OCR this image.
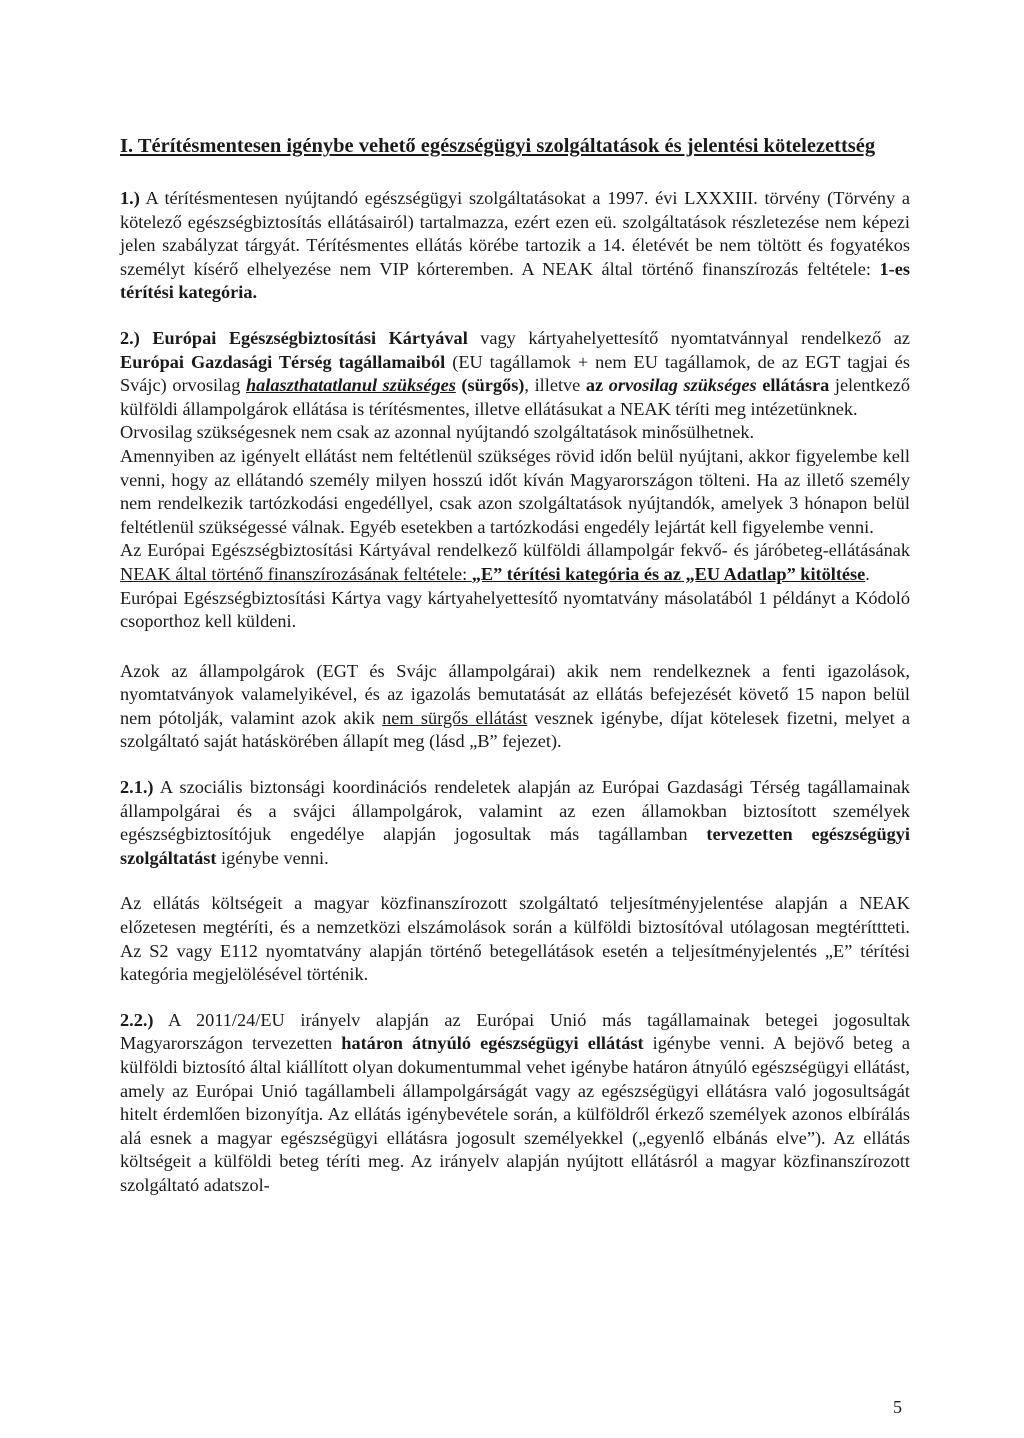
I. Térítésmentesen igénybe vehető egészségügyi szolgáltatások és jelentési kötelezettség

1.) A térítésmentesen nyújtandó egészségügyi szolgáltatásokat a 1997. évi LXXXIII. törvény (Törvény a kötelező egészségbiztosítás ellátásairól) tartalmazza, ezért ezen eü. szolgáltatások részletezése nem képezi jelen szabályzat tárgyát. Térítésmentes ellátás körébe tartozik a 14. életévét be nem töltött és fogyatékos személyt kísérő elhelyezése nem VIP kórteremben. A NEAK által történő finanszírozás feltétele: 1-es térítési kategória.

2.) Európai Egészségbiztosítási Kártyával vagy kártyahelyettesítő nyomtatvánnyal rendelkező az Európai Gazdasági Térség tagállamaiból (EU tagállamok + nem EU tagállamok, de az EGT tagjai és Svájc) orvosilag halaszthatatlanul szükséges (sürgős), illetve az orvosilag szükséges ellátásra jelentkező külföldi állampolgárok ellátása is térítésmentes, illetve ellátásukat a NEAK téríti meg intézetünknek.

Orvosilag szükségesnek nem csak az azonnal nyújtandó szolgáltatások minősülhetnek.

Amennyiben az igényelt ellátást nem feltétlenül szükséges rövid időn belül nyújtani, akkor figyelembe kell venni, hogy az ellátandó személy milyen hosszú időt kíván Magyarországon tölteni. Ha az illető személy nem rendelkezik tartózkodási engedéllyel, csak azon szolgáltatások nyújtandók, amelyek 3 hónapon belül feltétlenül szükségessé válnak. Egyéb esetekben a tartózkodási engedély lejártát kell figyelembe venni.

Az Európai Egészségbiztosítási Kártyával rendelkező külföldi állampolgár fekvő- és járóbeteg-ellátásának NEAK által történő finanszírozásának feltétele: „E” térítési kategória és az „EU Adatlap” kitöltése.

Európai Egészségbiztosítási Kártya vagy kártyahelyettesítő nyomtatvány másolatából 1 példányt a Kódoló csoporthoz kell küldeni.

Azok az állampolgárok (EGT és Svájc állampolgárai) akik nem rendelkeznek a fenti igazolások, nyomtatványok valamelyikével, és az igazolás bemutatását az ellátás befejezését követő 15 napon belül nem pótolják, valamint azok akik nem sürgős ellátást vesznek igénybe, díjat kötelesek fizetni, melyet a szolgáltató saját hatáskörében állapít meg (lásd „B” fejezet).

2.1.) A szociális biztonsági koordinációs rendeletek alapján az Európai Gazdasági Térség tagállamainak állampolgárai és a svájci állampolgárok, valamint az ezen államokban biztosított személyek egészségbiztosítójuk engedélye alapján jogosultak más tagállamban tervezetten egészségügyi szolgáltatást igénybe venni.

Az ellátás költségeit a magyar közfinanszírozott szolgáltató teljesítményjelentése alapján a NEAK előzetesen megtéríti, és a nemzetközi elszámolások során a külföldi biztosítóval utólagosan megtéríttteti. Az S2 vagy E112 nyomtatvány alapján történő betegellátások esetén a teljesítményjelentés „E” térítési kategória megjelölésével történik.

2.2.) A 2011/24/EU irányelv alapján az Európai Unió más tagállamainak betegei jogosultak Magyarországon tervezetten határon átnyúló egészségügyi ellátást igénybe venni. A bejövő beteg a külföldi biztosító által kiállított olyan dokumentummal vehet igénybe határon átnyúló egészségügyi ellátást, amely az Európai Unió tagállambeli állampolgárságát vagy az egészségügyi ellátásra való jogosultságát hitelt érdemlően bizonyítja. Az ellátás igénybevétele során, a külföldről érkező személyek azonos elbírálás alá esnek a magyar egészségügyi ellátásra jogosult személyekkel („egyenlő elbánás elve”). Az ellátás költségeit a külföldi beteg téríti meg. Az irányelv alapján nyújtott ellátásról a magyar közfinanszírozott szolgáltató adatszol-

5
